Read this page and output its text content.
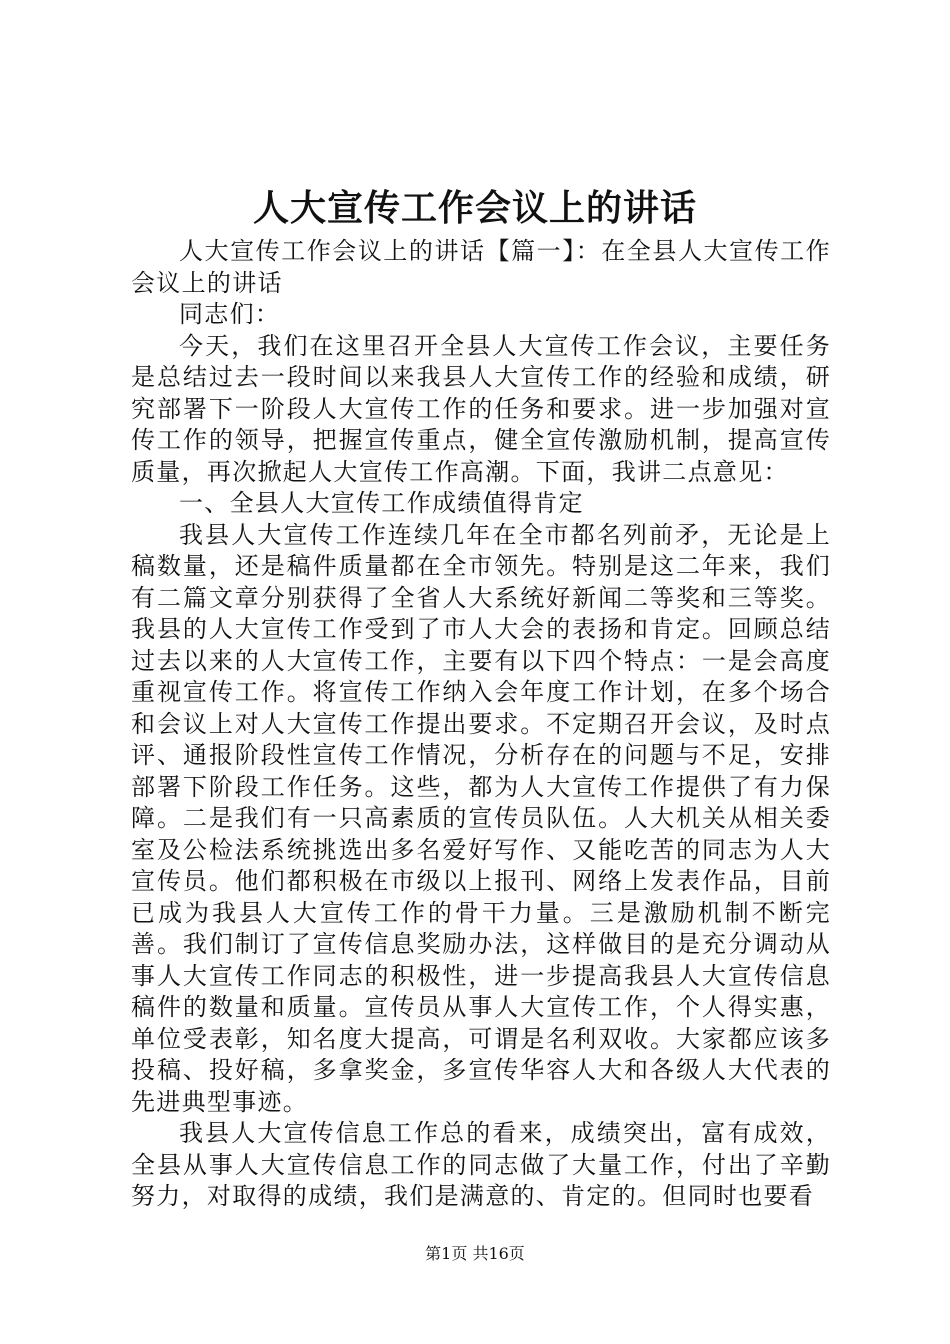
人大宣传工作会议上的讲话

人大宣传工作会议上的讲话【篇一】：在全县人大宣传工作会议上的讲话

同志们：

今天，我们在这里召开全县人大宣传工作会议，主要任务是总结过去一段时间以来我县人大宣传工作的经验和成绩，研究部署下一阶段人大宣传工作的任务和要求。进一步加强对宣传工作的领导，把握宣传重点，健全宣传激励机制，提高宣传质量，再次掀起人大宣传工作高潮。下面，我讲二点意见：

一、全县人大宣传工作成绩值得肯定

我县人大宣传工作连续几年在全市都名列前矛，无论是上稿数量，还是稿件质量都在全市领先。特别是这二年来，我们有二篇文章分别获得了全省人大系统好新闻二等奖和三等奖。我县的人大宣传工作受到了市人大会的表扬和肯定。回顾总结过去以来的人大宣传工作，主要有以下四个特点：一是会高度重视宣传工作。将宣传工作纳入会年度工作计划，在多个场合和会议上对人大宣传工作提出要求。不定期召开会议，及时点评、通报阶段性宣传工作情况，分析存在的问题与不足，安排部署下阶段工作任务。这些，都为人大宣传工作提供了有力保障。二是我们有一只高素质的宣传员队伍。人大机关从相关委室及公检法系统挑选出多名爱好写作、又能吃苦的同志为人大宣传员。他们都积极在市级以上报刊、网络上发表作品，目前已成为我县人大宣传工作的骨干力量。三是激励机制不断完善。我们制订了宣传信息奖励办法，这样做目的是充分调动从事人大宣传工作同志的积极性，进一步提高我县人大宣传信息稿件的数量和质量。宣传员从事人大宣传工作，个人得实惠，单位受表彰，知名度大提高，可谓是名利双收。大家都应该多投稿、投好稿，多拿奖金，多宣传华容人大和各级人大代表的先进典型事迹。

我县人大宣传信息工作总的看来，成绩突出，富有成效，全县从事人大宣传信息工作的同志做了大量工作，付出了辛勤努力，对取得的成绩，我们是满意的、肯定的。但同时也要看

第1页 共16页
